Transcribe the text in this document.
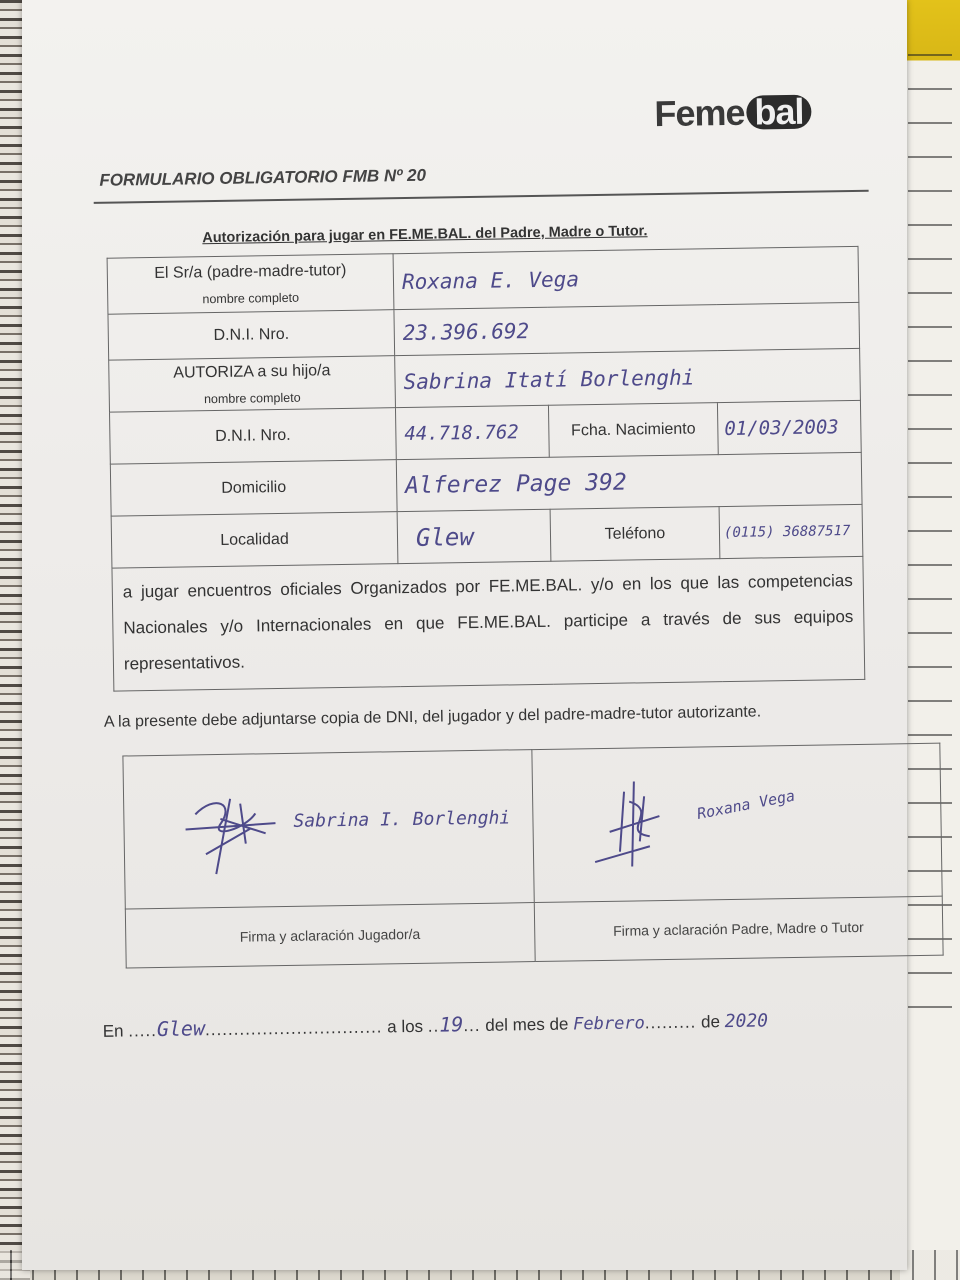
Feme bal
FORMULARIO OBLIGATORIO FMB Nº 20
Autorización para jugar en FE.ME.BAL. del Padre, Madre o Tutor.
El Sr/a (padre-madre-tutor)
nombre completo	Roxana E. Vega		
D.N.I. Nro.	23.396.692		
AUTORIZA a su hijo/a
nombre completo	Sabrina Itatí Borlenghi		
D.N.I. Nro.	44.718.762	Fcha. Nacimiento	01/03/2003
Domicilio	Alferez Page 392		
Localidad	Glew	Teléfono	(0115) 36887517

a jugar encuentros oficiales Organizados por FE.ME.BAL. y/o en los que las competencias Nacionales y/o Internacionales en que FE.ME.BAL. participe a través de sus equipos representativos.			
A la presente debe adjuntarse copia de DNI, del jugador y del padre-madre-tutor autorizante.
Sabrina I. Borlenghi	Roxana Vega

Firma y aclaración Jugador/a	Firma y aclaración Padre, Madre o Tutor
En .....Glew............................... a los ..19... del mes de Febrero......... de 2020
